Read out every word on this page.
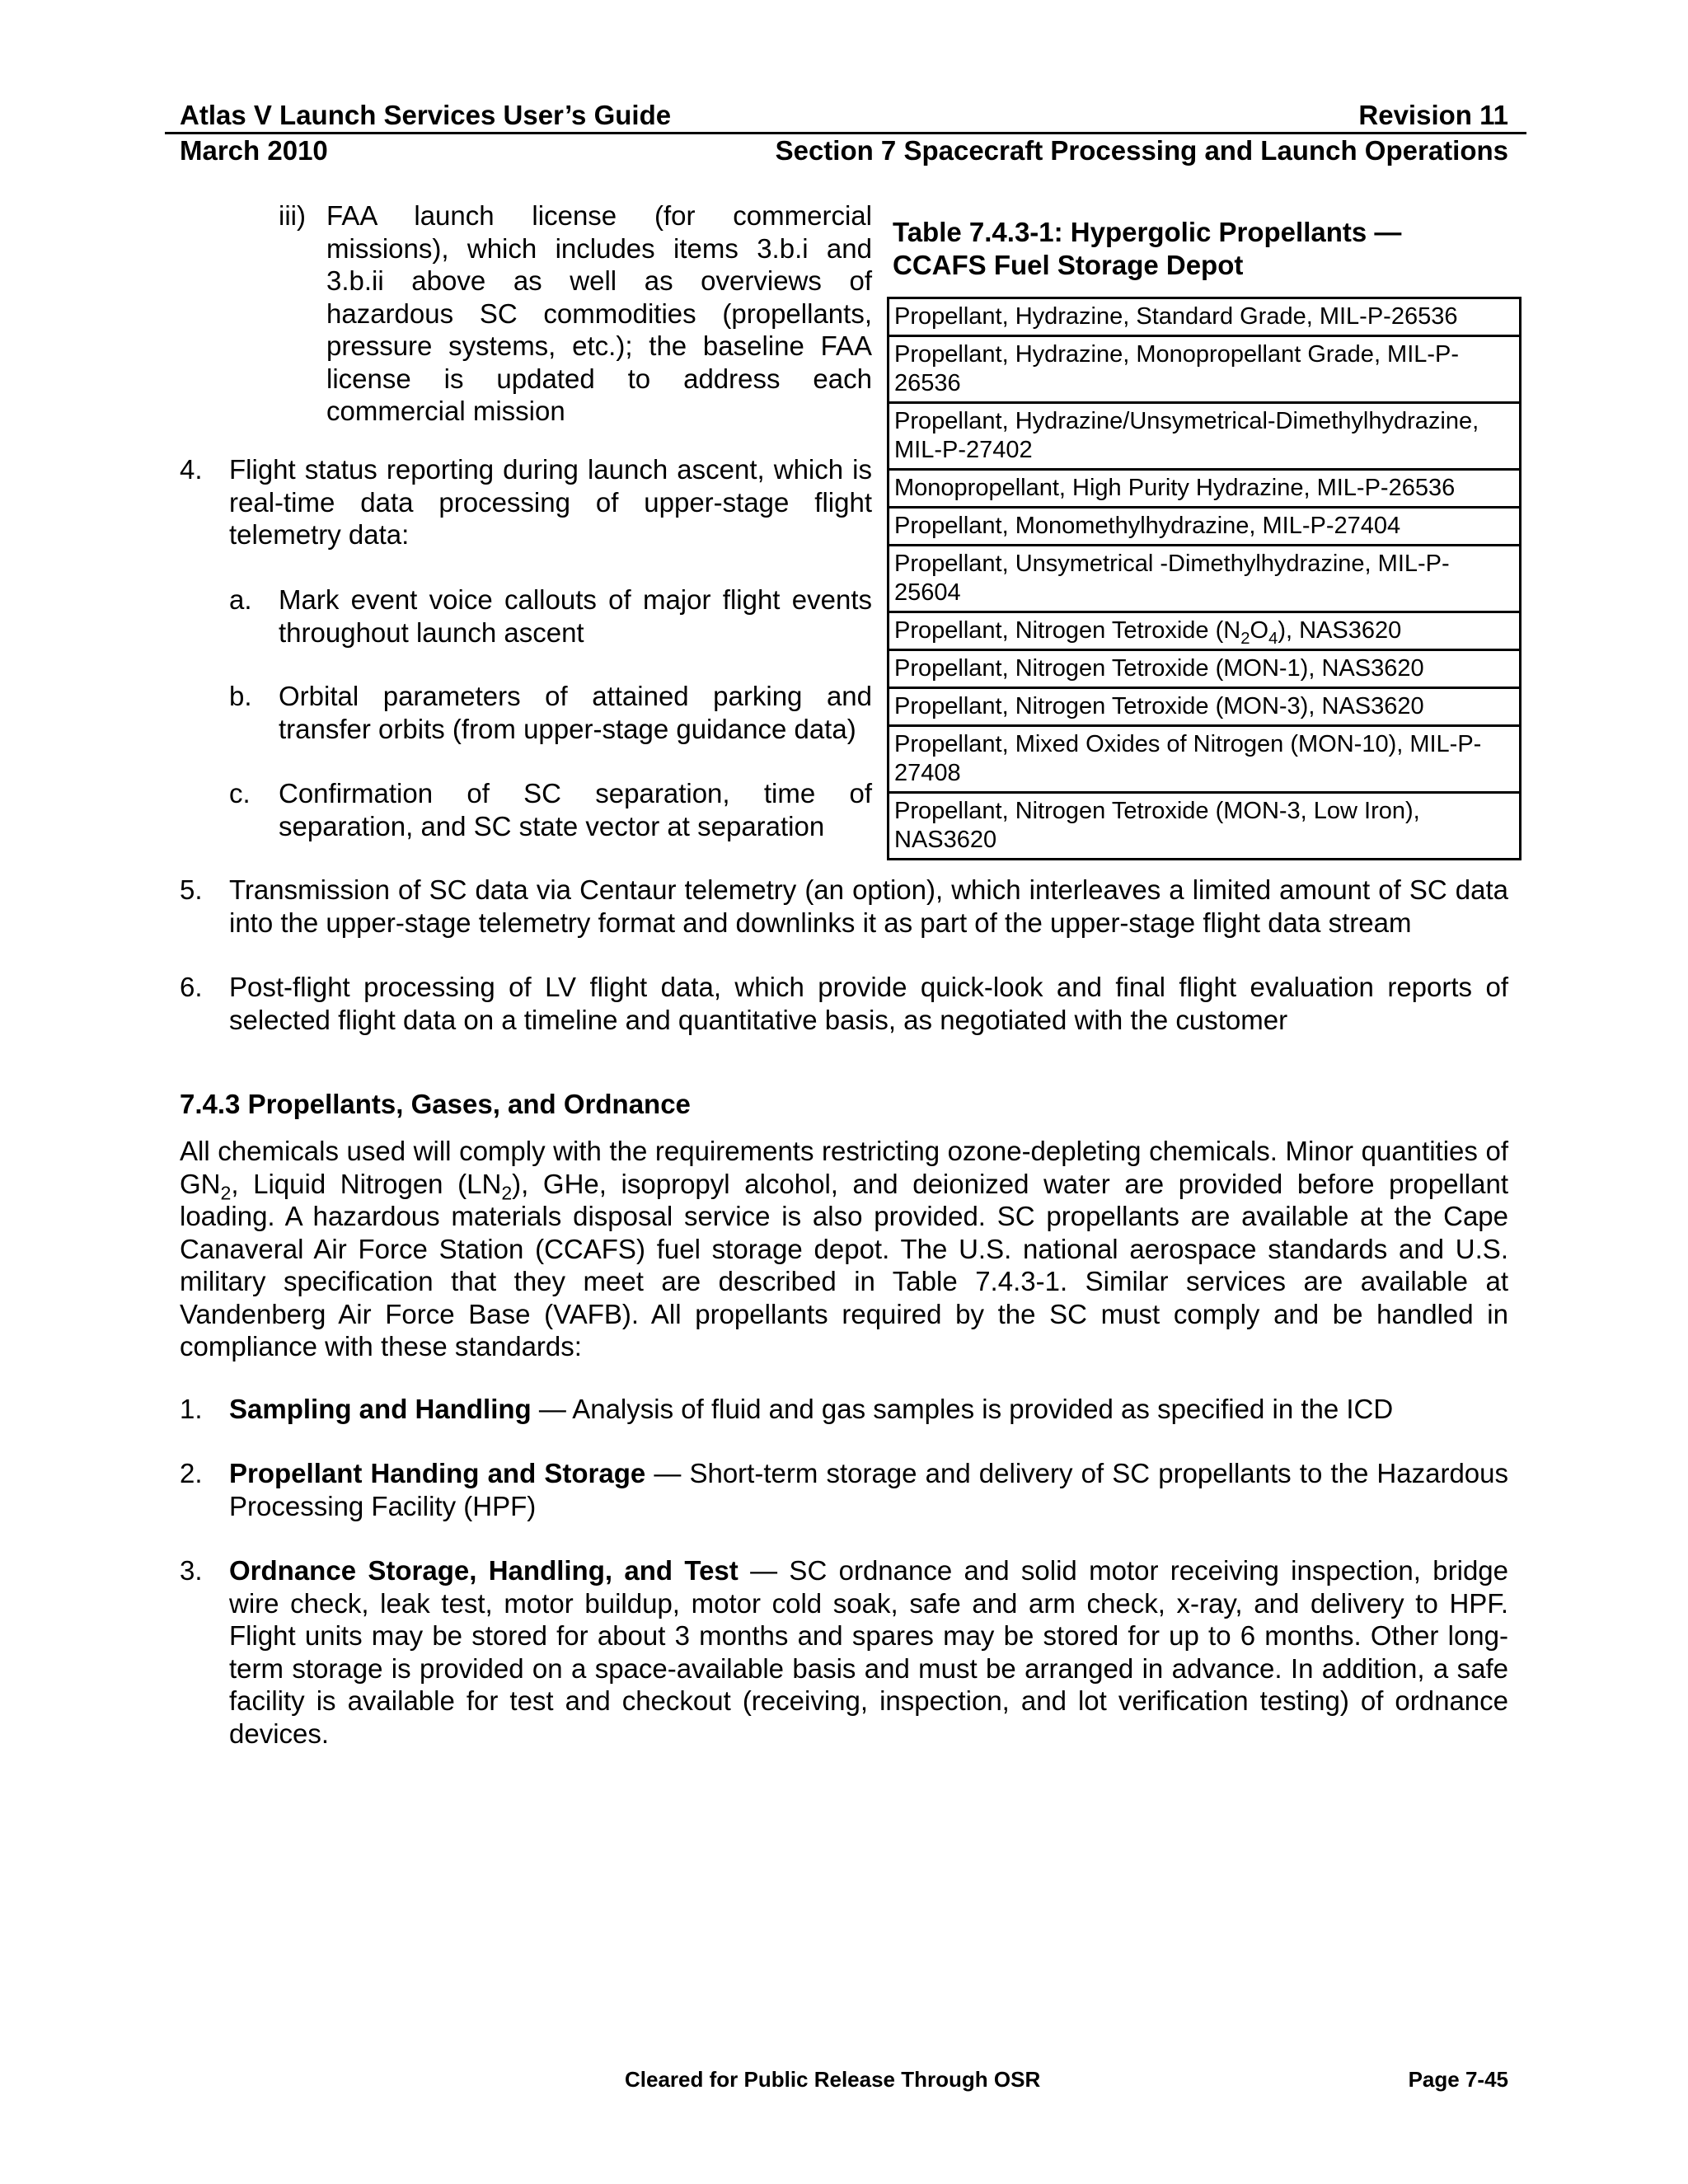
Atlas V Launch Services User’s Guide	Revision 11
March 2010	Section 7 Spacecraft Processing and Launch Operations
iii) FAA launch license (for commercial missions), which includes items 3.b.i and 3.b.ii above as well as overviews of hazardous SC commodities (propellants, pressure systems, etc.); the baseline FAA license is updated to address each commercial mission
4. Flight status reporting during launch ascent, which is real-time data processing of upper-stage flight telemetry data:
a. Mark event voice callouts of major flight events throughout launch ascent
b. Orbital parameters of attained parking and transfer orbits (from upper-stage guidance data)
c. Confirmation of SC separation, time of separation, and SC state vector at separation
Table 7.4.3-1: Hypergolic Propellants —
CCAFS Fuel Storage Depot
Propellant, Hydrazine, Standard Grade, MIL-P-26536
Propellant, Hydrazine, Monopropellant Grade, MIL-P-26536
Propellant, Hydrazine/Unsymetrical-Dimethylhydrazine, MIL-P-27402
Monopropellant, High Purity Hydrazine, MIL-P-26536
Propellant, Monomethylhydrazine, MIL-P-27404
Propellant, Unsymetrical -Dimethylhydrazine, MIL-P-25604
Propellant, Nitrogen Tetroxide $(N_2O_4)$, NAS3620
Propellant, Nitrogen Tetroxide (MON-1), NAS3620
Propellant, Nitrogen Tetroxide (MON-3), NAS3620
Propellant, Mixed Oxides of Nitrogen (MON-10), MIL-P-27408
Propellant, Nitrogen Tetroxide (MON-3, Low Iron), NAS3620
5. Transmission of SC data via Centaur telemetry (an option), which interleaves a limited amount of SC data into the upper-stage telemetry format and downlinks it as part of the upper-stage flight data stream
6. Post-flight processing of LV flight data, which provide quick-look and final flight evaluation reports of selected flight data on a timeline and quantitative basis, as negotiated with the customer
7.4.3 Propellants, Gases, and Ordnance
All chemicals used will comply with the requirements restricting ozone-depleting chemicals. Minor quantities of $GN_2$, Liquid Nitrogen $(LN_2)$, GHe, isopropyl alcohol, and deionized water are provided before propellant loading. A hazardous materials disposal service is also provided. SC propellants are available at the Cape Canaveral Air Force Station (CCAFS) fuel storage depot. The U.S. national aerospace standards and U.S. military specification that they meet are described in Table 7.4.3-1. Similar services are available at Vandenberg Air Force Base (VAFB). All propellants required by the SC must comply and be handled in compliance with these standards:
1. Sampling and Handling — Analysis of fluid and gas samples is provided as specified in the ICD
2. Propellant Handing and Storage — Short-term storage and delivery of SC propellants to the Hazardous Processing Facility (HPF)
3. Ordnance Storage, Handling, and Test — SC ordnance and solid motor receiving inspection, bridge wire check, leak test, motor buildup, motor cold soak, safe and arm check, x-ray, and delivery to HPF. Flight units may be stored for about 3 months and spares may be stored for up to 6 months. Other long-term storage is provided on a space-available basis and must be arranged in advance. In addition, a safe facility is available for test and checkout (receiving, inspection, and lot verification testing) of ordnance devices.
Cleared for Public Release Through OSR	Page 7-45
